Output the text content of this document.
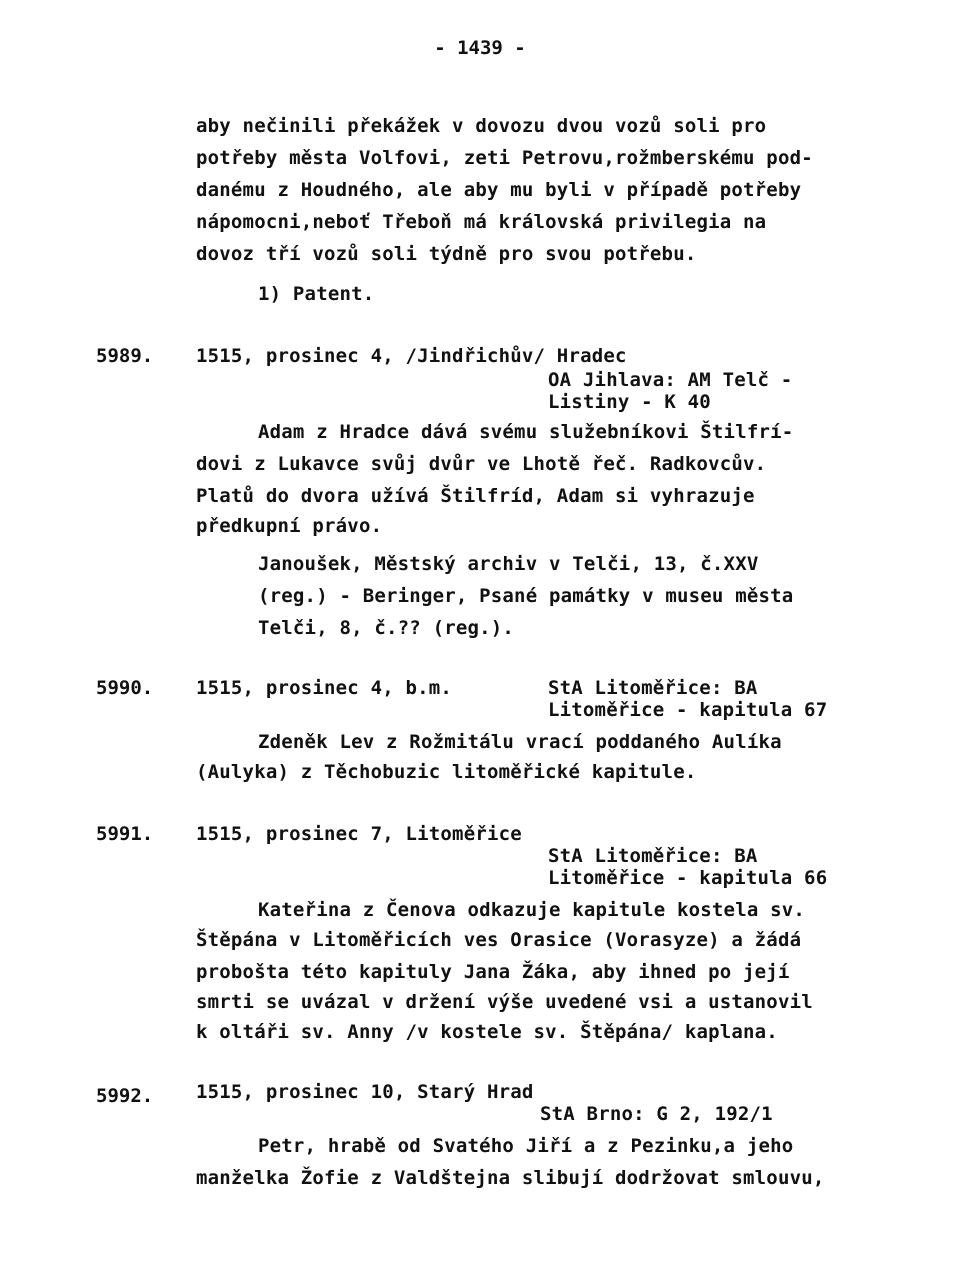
- 1439 -
aby nečinili překážek v dovozu dvou vozů soli pro
potřeby města Volfovi, zeti Petrovu,rožmberskému pod-
danému z Houdného, ale aby mu byli v případě potřeby
nápomocni,neboť Třeboň má královská privilegia na
dovoz tří vozů soli týdně pro svou potřebu.
1) Patent.
5989. 1515, prosinec 4, /Jindřichův/ Hradec
OA Jihlava: AM Telč -
Listiny - K 40
Adam z Hradce dává svému služebníkovi Štilfrí-
dovi z Lukavce svůj dvůr ve Lhotě řeč. Radkovcův.
Platů do dvora užívá Štilfríd, Adam si vyhrazuje
předkupní právo.
Janoušek, Městský archiv v Telči, 13, č.XXV
(reg.) - Beringer, Psané památky v museu města
Telči, 8, č.?? (reg.).
5990. 1515, prosinec 4, b.m.	StA Litoměřice: BA
Litoměřice - kapitula 67
Zdeněk Lev z Rožmitálu vrací poddaného Aulíka
(Aulyka) z Těchobuzic litoměřické kapitule.
5991. 1515, prosinec 7, Litoměřice
StA Litoměřice: BA
Litoměřice - kapitula 66
Kateřina z Čenova odkazuje kapitule kostela sv.
Štěpána v Litoměřicích ves Orasice (Vorasyze) a žádá
probošta této kapituly Jana Žáka, aby ihned po její
smrti se uvázal v držení výše uvedené vsi a ustanovil
k oltáři sv. Anny /v kostele sv. Štěpána/ kaplana.
5992. 1515, prosinec 10, Starý Hrad
StA Brno: G 2, 192/1
Petr, hrabě od Svatého Jiří a z Pezinku,a jeho
manželka Žofie z Valdštejna slibují dodržovat smlouvu,
